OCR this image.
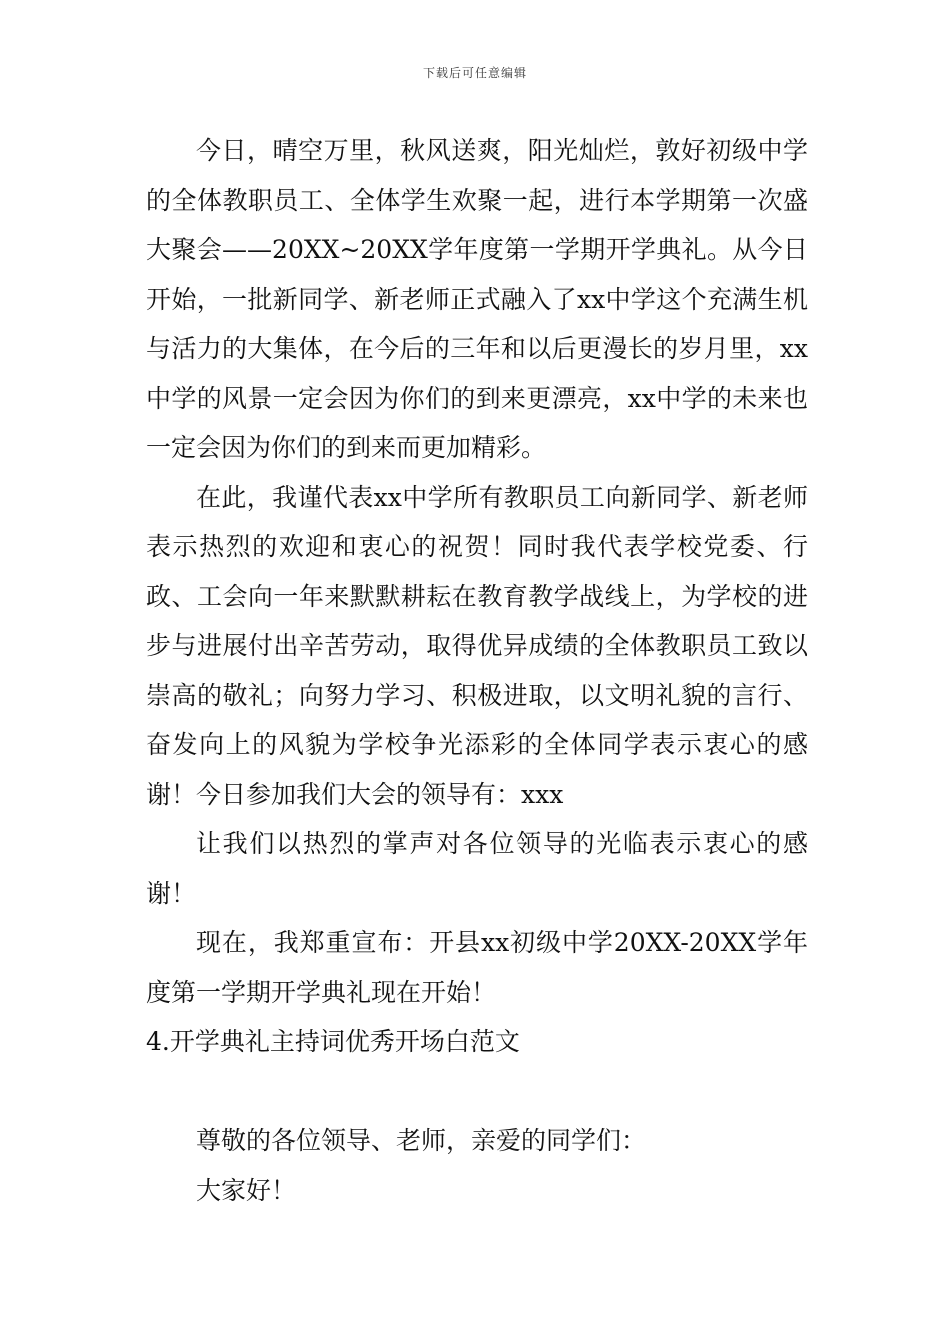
下载后可任意编辑

今日，晴空万里，秋风送爽，阳光灿烂，敦好初级中学的全体教职员工、全体学生欢聚一起，进行本学期第一次盛大聚会——20XX~20XX学年度第一学期开学典礼。从今日开始，一批新同学、新老师正式融入了xx中学这个充满生机与活力的大集体，在今后的三年和以后更漫长的岁月里，xx中学的风景一定会因为你们的到来更漂亮，xx中学的未来也一定会因为你们的到来而更加精彩。

在此，我谨代表xx中学所有教职员工向新同学、新老师表示热烈的欢迎和衷心的祝贺！同时我代表学校党委、行政、工会向一年来默默耕耘在教育教学战线上，为学校的进步与进展付出辛苦劳动，取得优异成绩的全体教职员工致以崇高的敬礼；向努力学习、积极进取，以文明礼貌的言行、奋发向上的风貌为学校争光添彩的全体同学表示衷心的感谢！今日参加我们大会的领导有：xxx

让我们以热烈的掌声对各位领导的光临表示衷心的感谢！

现在，我郑重宣布：开县xx初级中学20XX-20XX学年度第一学期开学典礼现在开始！

4.开学典礼主持词优秀开场白范文

尊敬的各位领导、老师，亲爱的同学们：

大家好！
